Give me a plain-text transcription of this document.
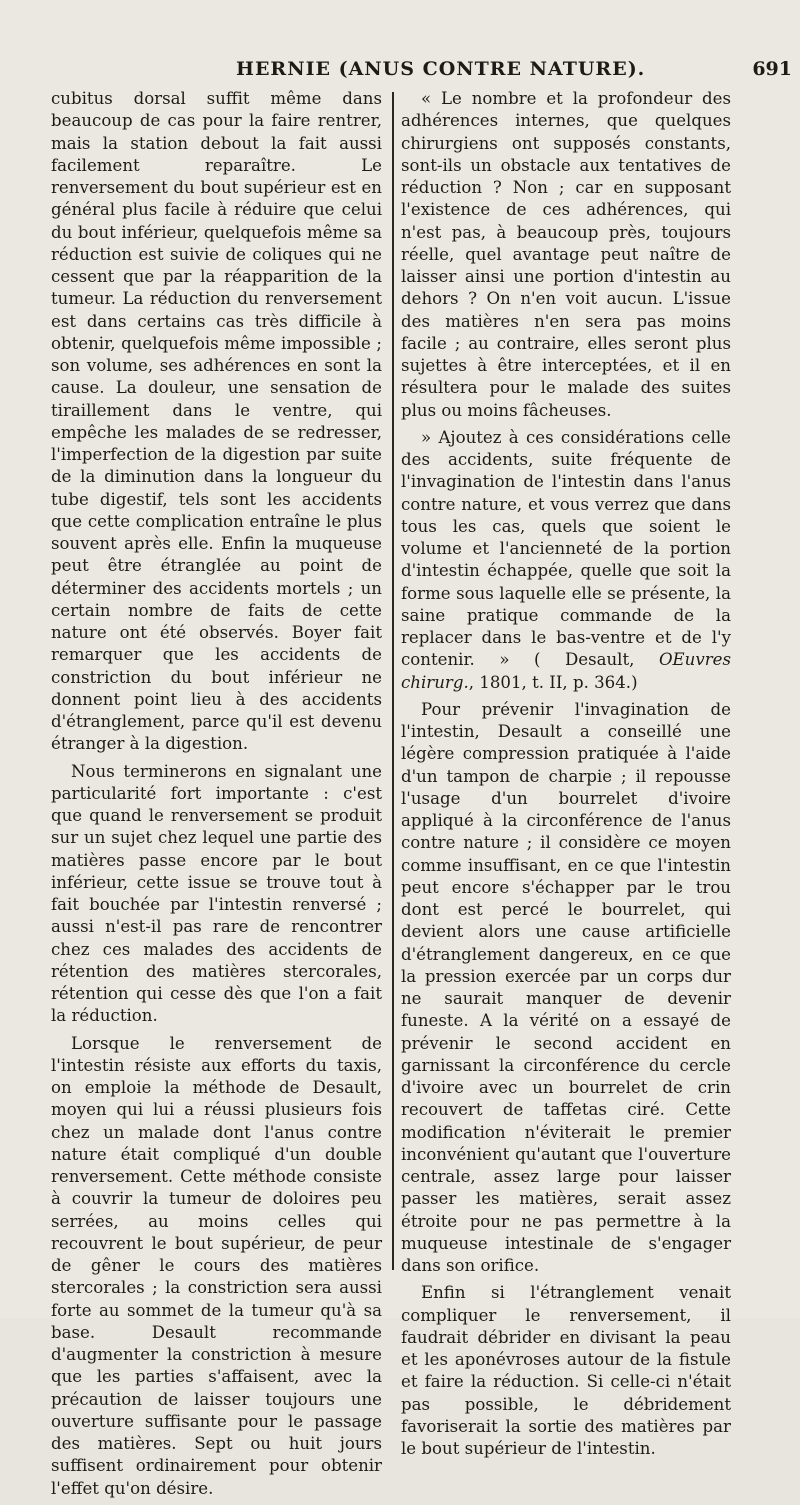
HERNIE (ANUS CONTRE NATURE).	691

cubitus dorsal suffit même dans beaucoup de cas pour la faire rentrer, mais la station debout la fait aussi facilement reparaître. Le renversement du bout supérieur est en général plus facile à réduire que celui du bout inférieur, quelquefois même sa réduction est suivie de coliques qui ne cessent que par la réapparition de la tumeur. La réduction du renversement est dans certains cas très difficile à obtenir, quelquefois même impossible ; son volume, ses adhérences en sont la cause. La douleur, une sensation de tiraillement dans le ventre, qui empêche les malades de se redresser, l'imperfection de la digestion par suite de la diminution dans la longueur du tube digestif, tels sont les accidents que cette complication entraîne le plus souvent après elle. Enfin la muqueuse peut être étranglée au point de déterminer des accidents mortels ; un certain nombre de faits de cette nature ont été observés. Boyer fait remarquer que les accidents de constriction du bout inférieur ne donnent point lieu à des accidents d'étranglement, parce qu'il est devenu étranger à la digestion.

Nous terminerons en signalant une particularité fort importante : c'est que quand le renversement se produit sur un sujet chez lequel une partie des matières passe encore par le bout inférieur, cette issue se trouve tout à fait bouchée par l'intestin renversé ; aussi n'est-il pas rare de rencontrer chez ces malades des accidents de rétention des matières stercorales, rétention qui cesse dès que l'on a fait la réduction.

Lorsque le renversement de l'intestin résiste aux efforts du taxis, on emploie la méthode de Desault, moyen qui lui a réussi plusieurs fois chez un malade dont l'anus contre nature était compliqué d'un double renversement. Cette méthode consiste à couvrir la tumeur de doloires peu serrées, au moins celles qui recouvrent le bout supérieur, de peur de gêner le cours des matières stercorales ; la constriction sera aussi forte au sommet de la tumeur qu'à sa base. Desault recommande d'augmenter la constriction à mesure que les parties s'affaisent, avec la précaution de laisser toujours une ouverture suffisante pour le passage des matières. Sept ou huit jours suffisent ordinairement pour obtenir l'effet qu'on désire.

« Le nombre et la profondeur des adhérences internes, que quelques chirurgiens ont supposés constants, sont-ils un obstacle aux tentatives de réduction ? Non ; car en supposant l'existence de ces adhérences, qui n'est pas, à beaucoup près, toujours réelle, quel avantage peut naître de laisser ainsi une portion d'intestin au dehors ? On n'en voit aucun. L'issue des matières n'en sera pas moins facile ; au contraire, elles seront plus sujettes à être interceptées, et il en résultera pour le malade des suites plus ou moins fâcheuses.

» Ajoutez à ces considérations celle des accidents, suite fréquente de l'invagination de l'intestin dans l'anus contre nature, et vous verrez que dans tous les cas, quels que soient le volume et l'ancienneté de la portion d'intestin échappée, quelle que soit la forme sous laquelle elle se présente, la saine pratique commande de la replacer dans le bas-ventre et de l'y contenir. » ( Desault, OEuvres chirurg., 1801, t. II, p. 364.)

Pour prévenir l'invagination de l'intestin, Desault a conseillé une légère compression pratiquée à l'aide d'un tampon de charpie ; il repousse l'usage d'un bourrelet d'ivoire appliqué à la circonférence de l'anus contre nature ; il considère ce moyen comme insuffisant, en ce que l'intestin peut encore s'échapper par le trou dont est percé le bourrelet, qui devient alors une cause artificielle d'étranglement dangereux, en ce que la pression exercée par un corps dur ne saurait manquer de devenir funeste. A la vérité on a essayé de prévenir le second accident en garnissant la circonférence du cercle d'ivoire avec un bourrelet de crin recouvert de taffetas ciré. Cette modification n'éviterait le premier inconvénient qu'autant que l'ouverture centrale, assez large pour laisser passer les matières, serait assez étroite pour ne pas permettre à la muqueuse intestinale de s'engager dans son orifice.

Enfin si l'étranglement venait compliquer le renversement, il faudrait débrider en divisant la peau et les aponévroses autour de la fistule et faire la réduction. Si celle-ci n'était pas possible, le débridement favoriserait la sortie des matières par le bout supérieur de l'intestin.
